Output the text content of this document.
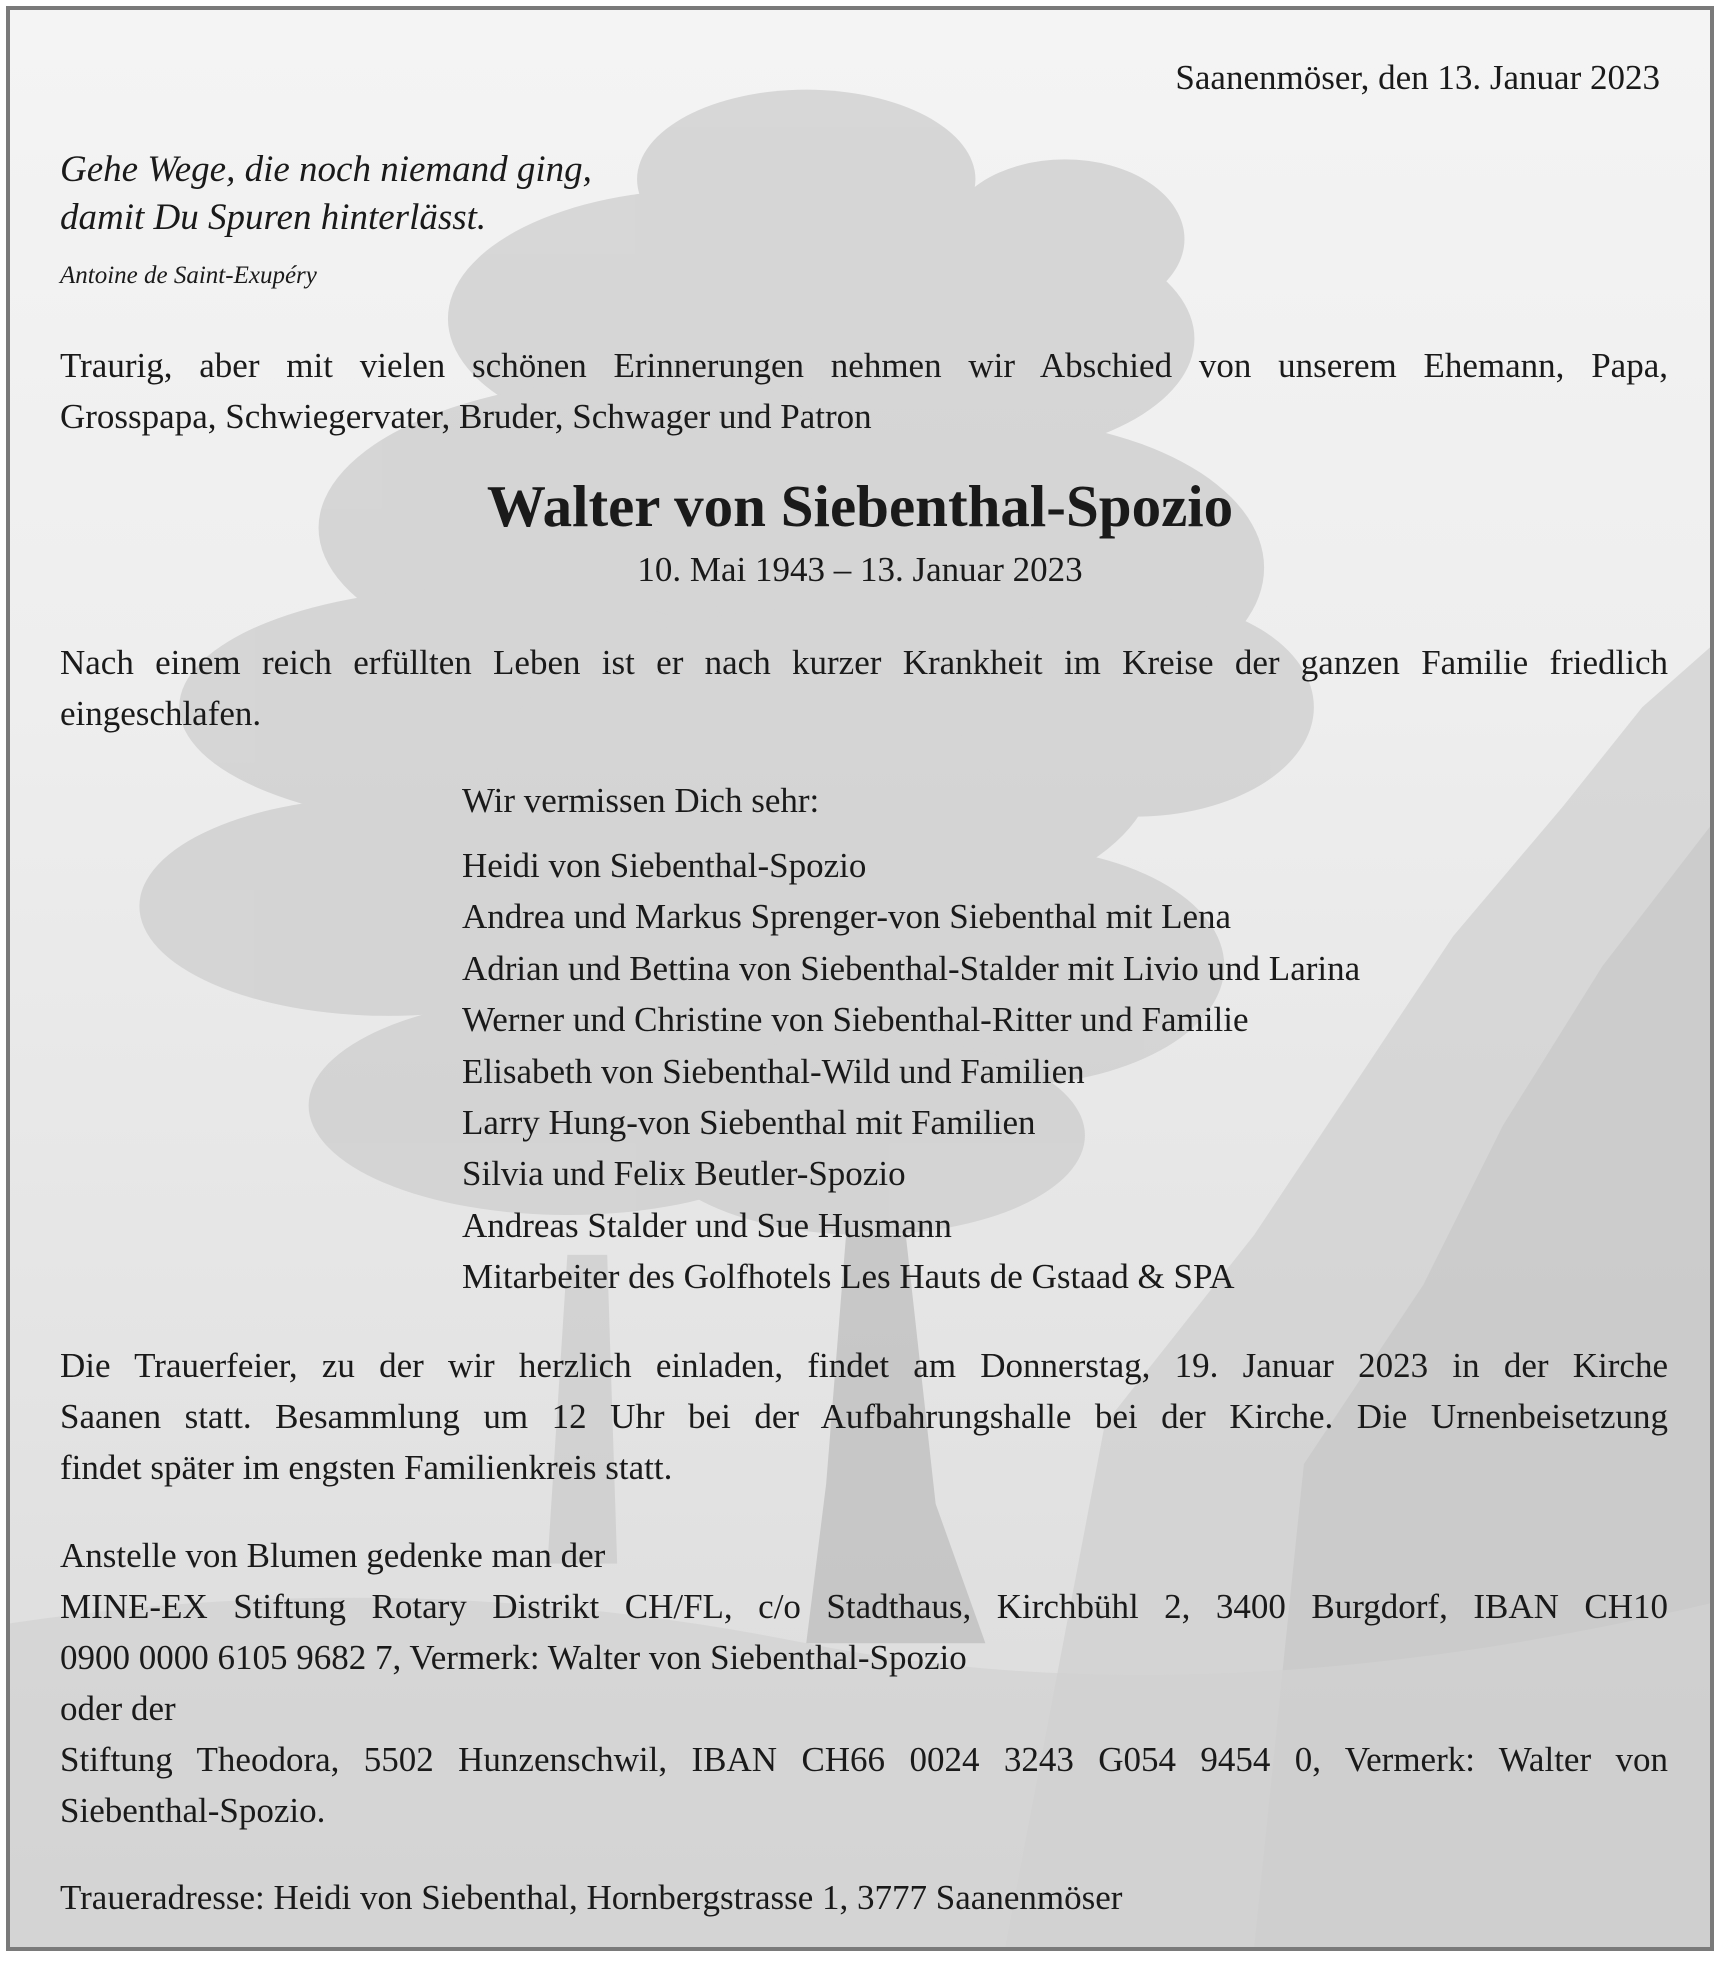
Saanenmöser, den 13. Januar 2023
Gehe Wege, die noch niemand ging,
damit Du Spuren hinterlässt.
Antoine de Saint-Exupéry
Traurig, aber mit vielen schönen Erinnerungen nehmen wir Abschied von unserem Ehemann, Papa,
Grosspapa, Schwiegervater, Bruder, Schwager und Patron
Walter von Siebenthal-Spozio
10. Mai 1943 – 13. Januar 2023
Nach einem reich erfüllten Leben ist er nach kurzer Krankheit im Kreise der ganzen Familie friedlich
eingeschlafen.
Wir vermissen Dich sehr:
Heidi von Siebenthal-Spozio
Andrea und Markus Sprenger-von Siebenthal mit Lena
Adrian und Bettina von Siebenthal-Stalder mit Livio und Larina
Werner und Christine von Siebenthal-Ritter und Familie
Elisabeth von Siebenthal-Wild und Familien
Larry Hung-von Siebenthal mit Familien
Silvia und Felix Beutler-Spozio
Andreas Stalder und Sue Husmann
Mitarbeiter des Golfhotels Les Hauts de Gstaad & SPA
Die Trauerfeier, zu der wir herzlich einladen, findet am Donnerstag, 19. Januar 2023 in der Kirche
Saanen statt. Besammlung um 12 Uhr bei der Aufbahrungshalle bei der Kirche. Die Urnenbeisetzung
findet später im engsten Familienkreis statt.
Anstelle von Blumen gedenke man der
MINE-EX Stiftung Rotary Distrikt CH/FL, c/o Stadthaus, Kirchbühl 2, 3400 Burgdorf, IBAN CH10
0900 0000 6105 9682 7, Vermerk: Walter von Siebenthal-Spozio
oder der
Stiftung Theodora, 5502 Hunzenschwil, IBAN CH66 0024 3243 G054 9454 0, Vermerk: Walter von
Siebenthal-Spozio.
Traueradresse: Heidi von Siebenthal, Hornbergstrasse 1, 3777 Saanenmöser
